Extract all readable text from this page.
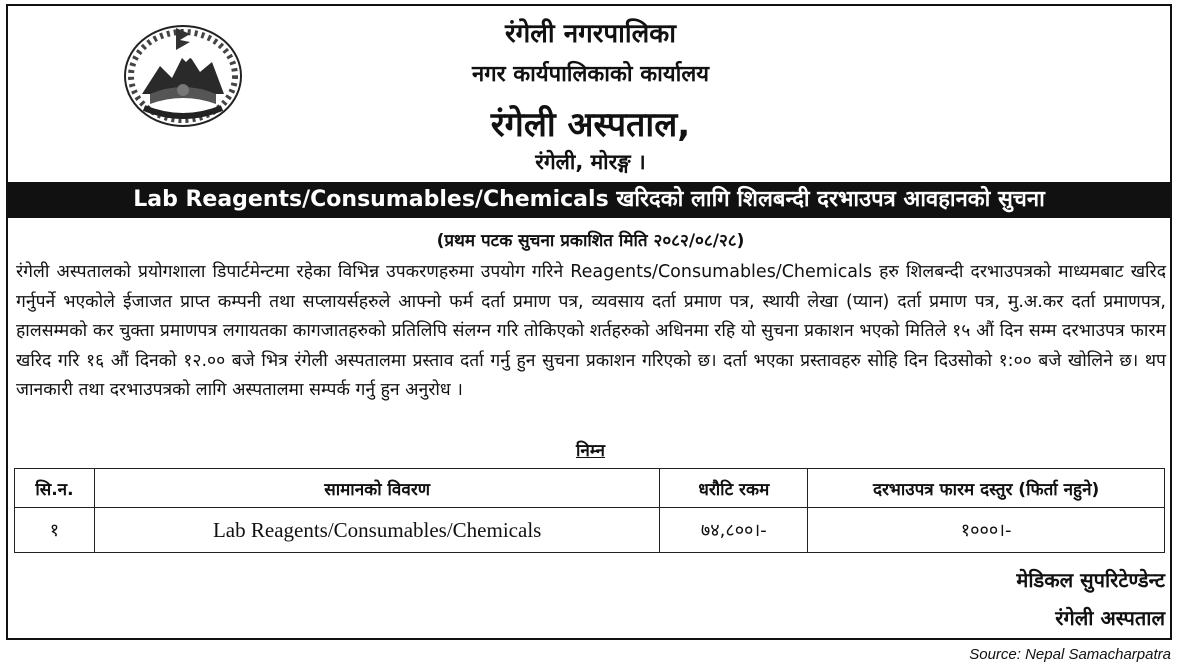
रंगेली नगरपालिका
नगर कार्यपालिकाको कार्यालय
रंगेली अस्पताल,
रंगेली, मोरङ्ग ।
Lab Reagents/Consumables/Chemicals खरिदको लागि शिलबन्दी दरभाउपत्र आवहानको सुचना
(प्रथम पटक सुचना प्रकाशित मिति २०८२/०८/२८)
रंगेली अस्पतालको प्रयोगशाला डिपार्टमेन्टमा रहेका विभिन्न उपकरणहरुमा उपयोग गरिने Reagents/Consumables/Chemicals हरु शिलबन्दी दरभाउपत्रको माध्यमबाट खरिद गर्नुपर्ने भएकोले ईजाजत प्राप्त कम्पनी तथा सप्लायर्सहरुले आफ्नो फर्म दर्ता प्रमाण पत्र, व्यवसाय दर्ता प्रमाण पत्र, स्थायी लेखा (प्यान) दर्ता प्रमाण पत्र, मु.अ.कर दर्ता प्रमाणपत्र, हालसम्मको कर चुक्ता प्रमाणपत्र लगायतका कागजातहरुको प्रतिलिपि संलग्न गरि तोकिएको शर्तहरुको अधिनमा रहि यो सुचना प्रकाशन भएको मितिले १५ औं दिन सम्म दरभाउपत्र फारम खरिद गरि १६ औं दिनको १२.०० बजे भित्र रंगेली अस्पतालमा प्रस्ताव दर्ता गर्नु हुन सुचना प्रकाशन गरिएको छ। दर्ता भएका प्रस्तावहरु सोहि दिन दिउसोको १:०० बजे खोलिने छ। थप जानकारी तथा दरभाउपत्रको लागि अस्पतालमा सम्पर्क गर्नु हुन अनुरोध ।
निम्न
सि.न.	सामानको विवरण	धरौटि रकम	दरभाउपत्र फारम दस्तुर (फिर्ता नहुने)
१	Lab Reagents/Consumables/Chemicals	७४,८००।-	१०००।-
मेडिकल सुपरिटेण्डेन्ट
रंगेली अस्पताल
Source: Nepal Samacharpatra
